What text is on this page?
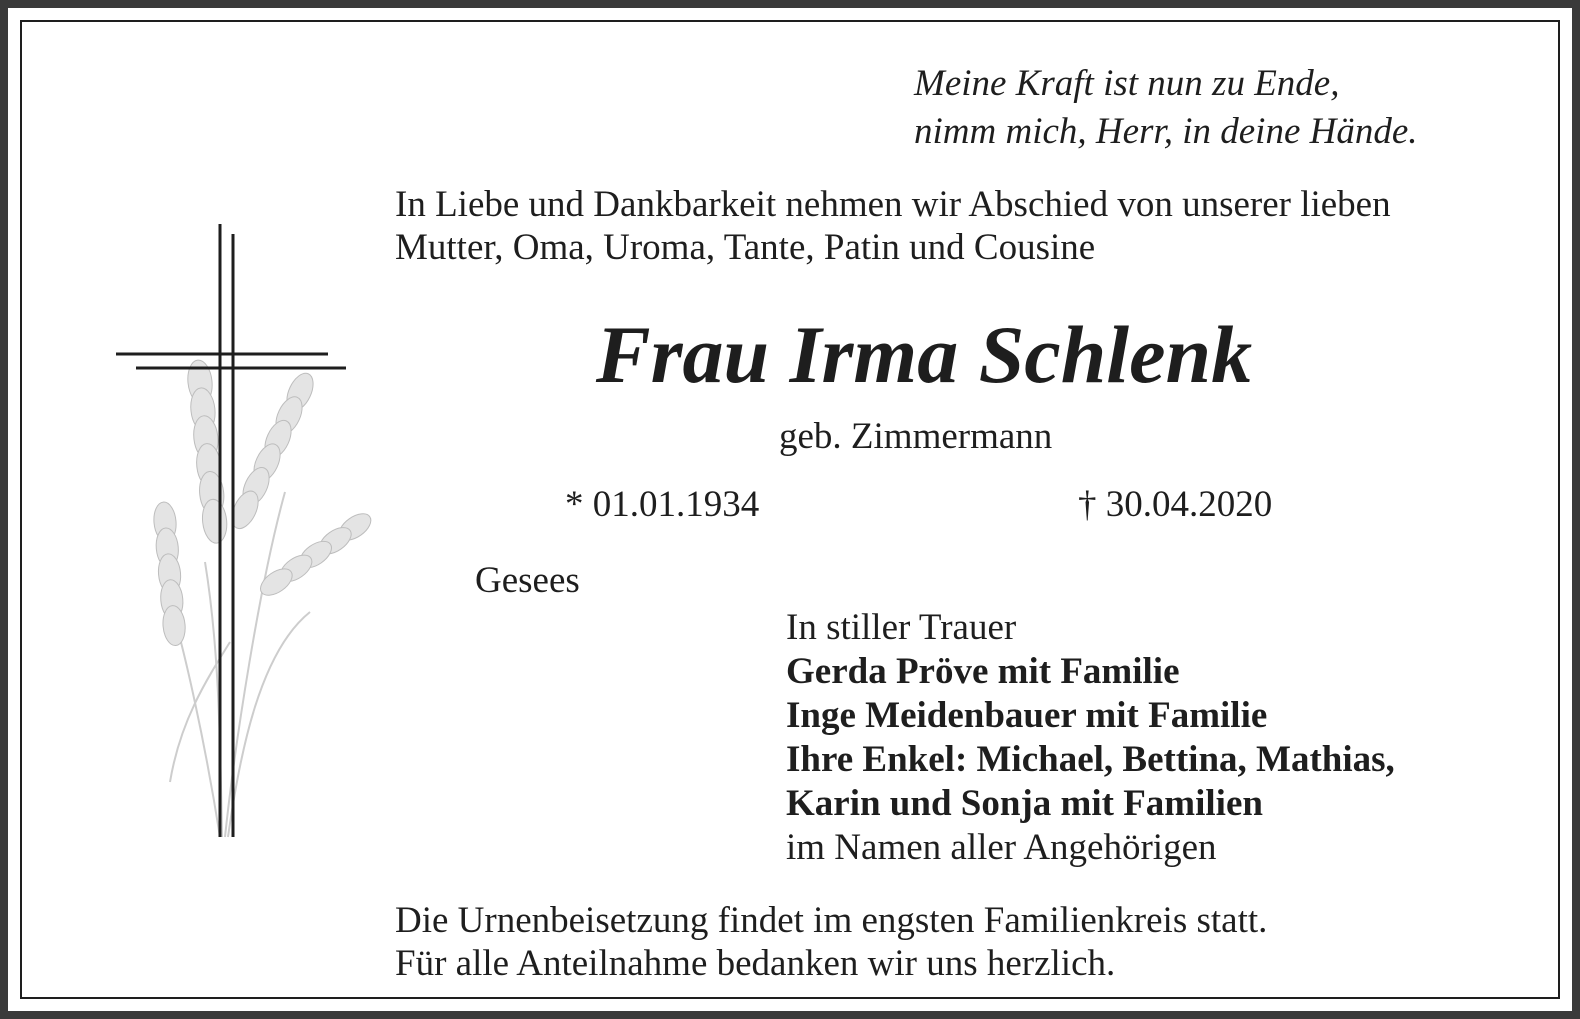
Meine Kraft ist nun zu Ende,
nimm mich, Herr, in deine Hände.
In Liebe und Dankbarkeit nehmen wir Abschied von unserer lieben
Mutter, Oma, Uroma, Tante, Patin und Cousine
Frau Irma Schlenk
geb. Zimmermann
* 01.01.1934	† 30.04.2020
Gesees
In stiller Trauer
Gerda Pröve mit Familie
Inge Meidenbauer mit Familie
Ihre Enkel: Michael, Bettina, Mathias,
Karin und Sonja mit Familien
im Namen aller Angehörigen
Die Urnenbeisetzung findet im engsten Familienkreis statt.
Für alle Anteilnahme bedanken wir uns herzlich.
